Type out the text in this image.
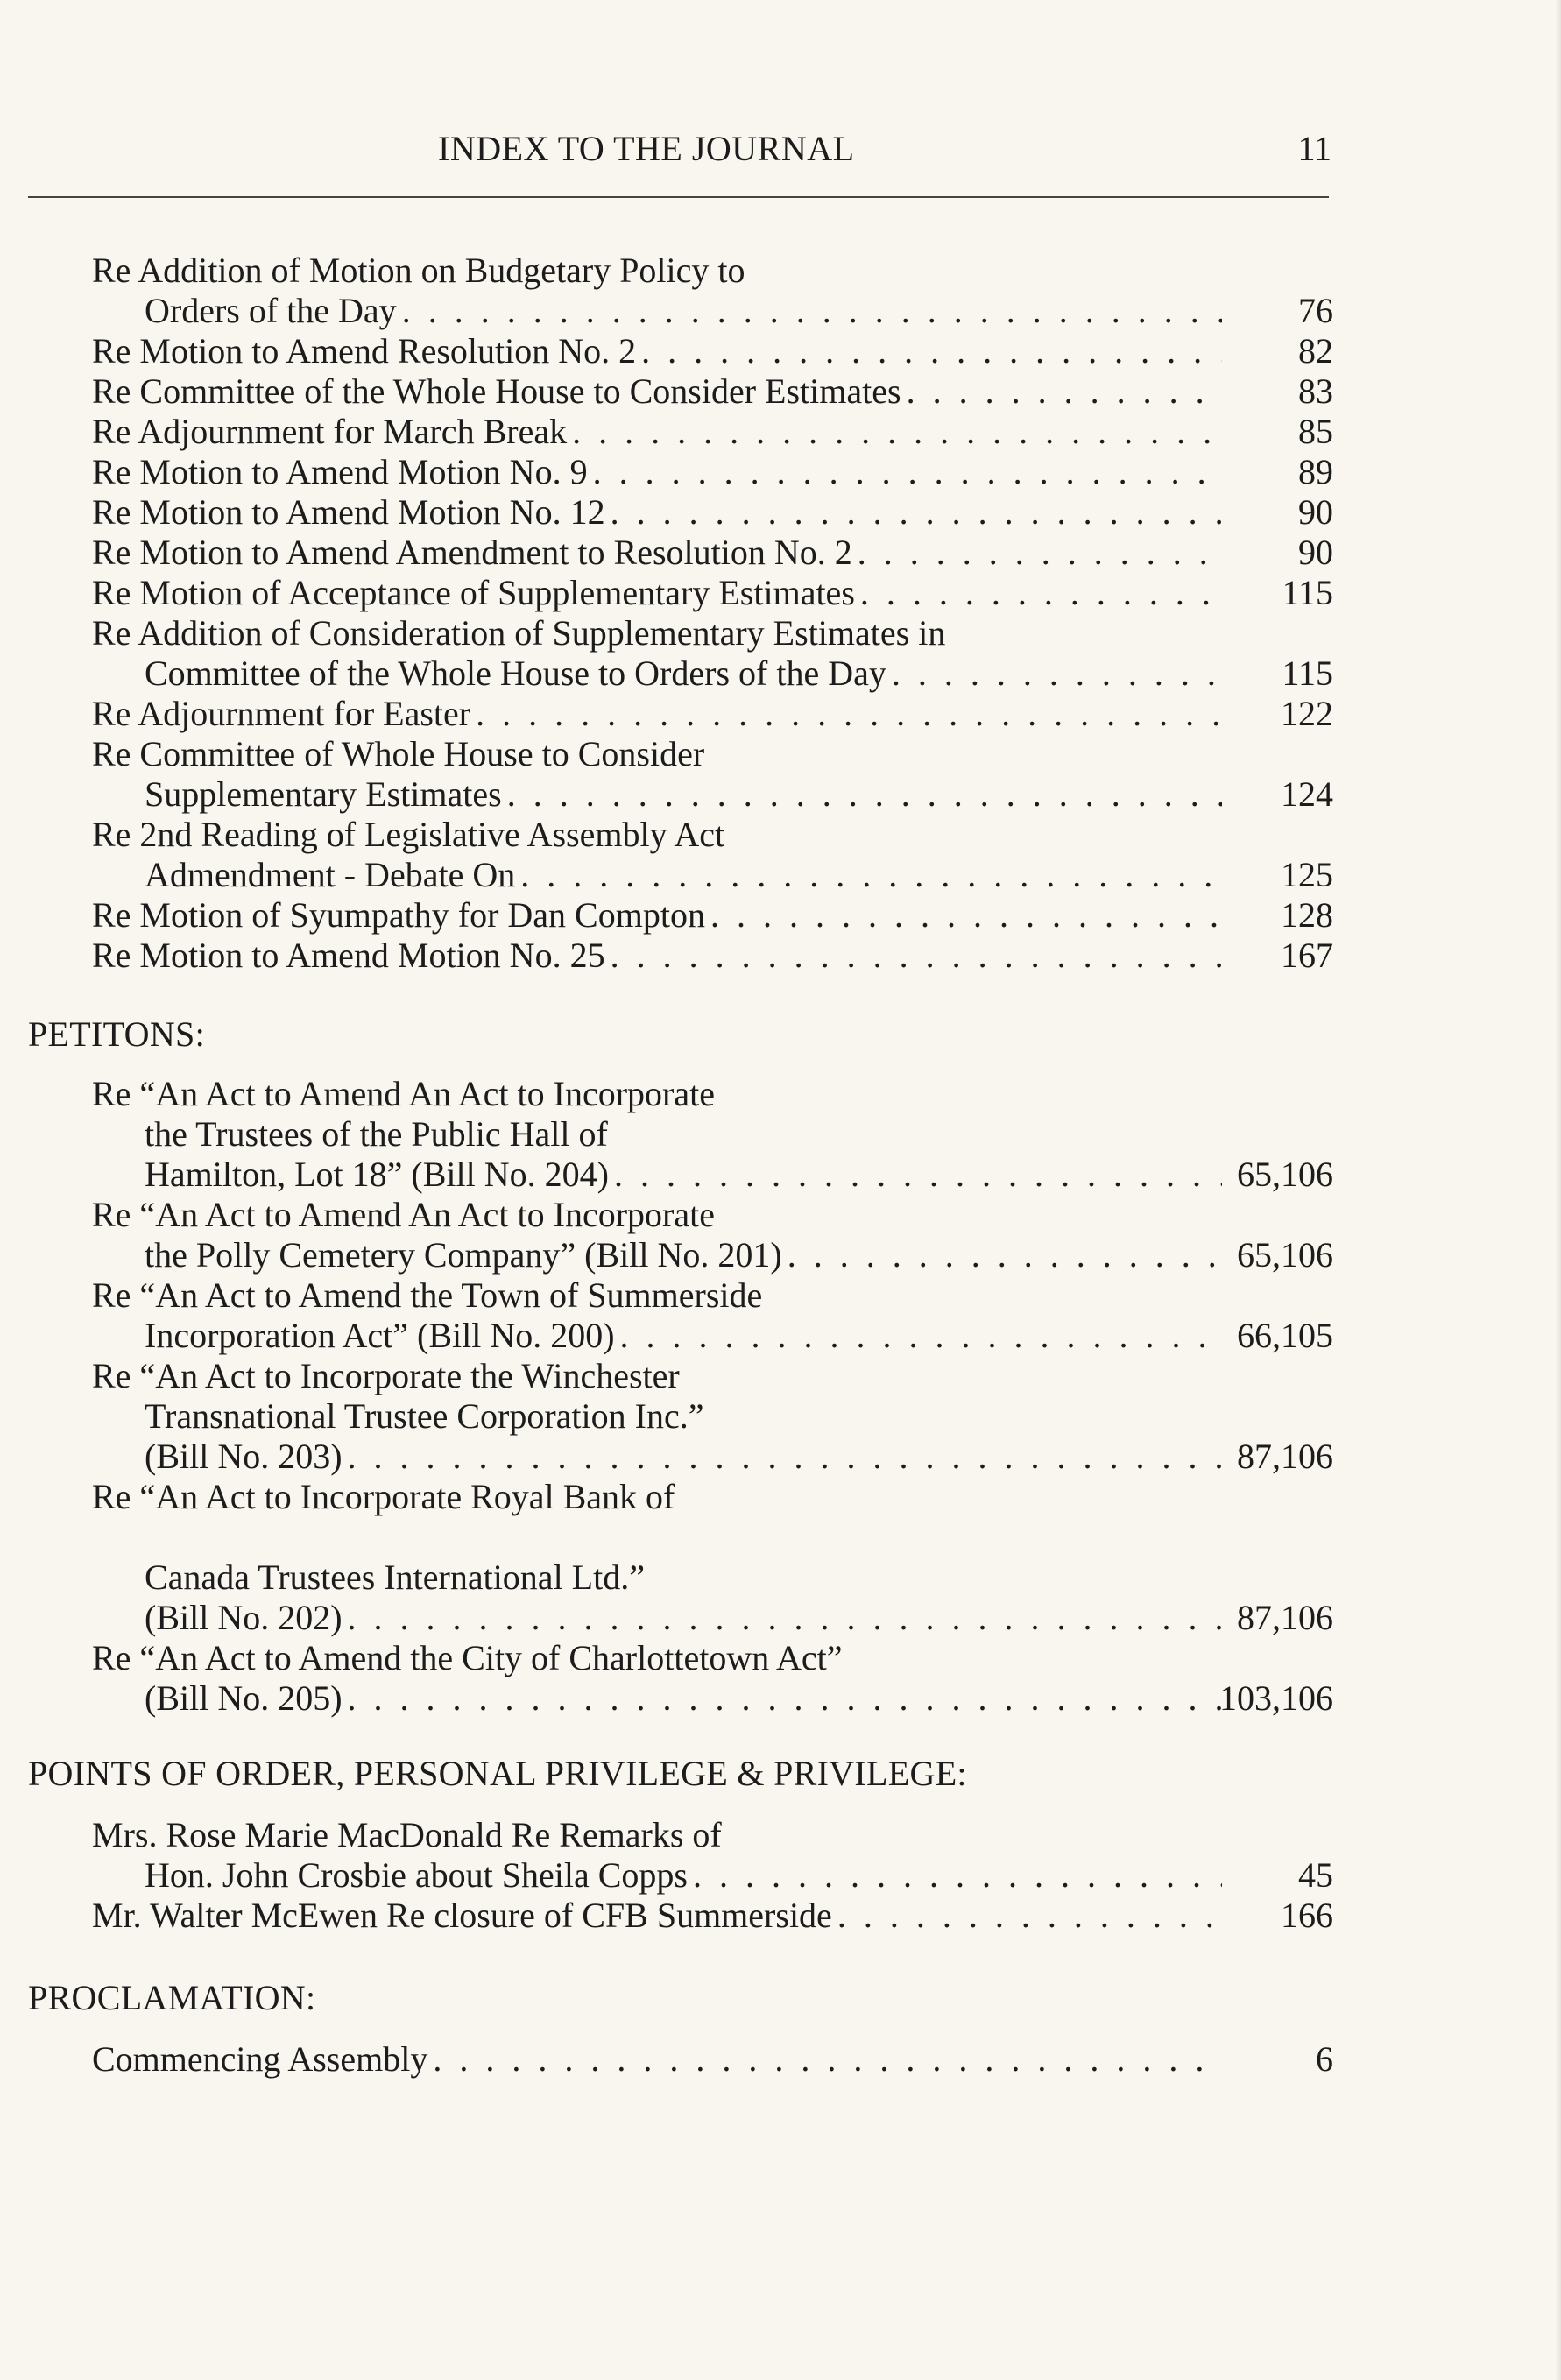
INDEX TO THE JOURNAL	11
Re Addition of Motion on Budgetary Policy to
Orders of the Day . . .	76
Re Motion to Amend Resolution No. 2 . . .	82
Re Committee of the Whole House to Consider Estimates . . .	83
Re Adjournment for March Break . . .	85
Re Motion to Amend Motion No. 9 . . .	89
Re Motion to Amend Motion No. 12 . . .	90
Re Motion to Amend Amendment to Resolution No. 2 . . .	90
Re Motion of Acceptance of Supplementary Estimates . . .	115
Re Addition of Consideration of Supplementary Estimates in
Committee of the Whole House to Orders of the Day . . .	115
Re Adjournment for Easter . . .	122
Re Committee of Whole House to Consider
Supplementary Estimates . . .	124
Re 2nd Reading of Legislative Assembly Act
Admendment - Debate On . . .	125
Re Motion of Syumpathy for Dan Compton . . .	128
Re Motion to Amend Motion No. 25 . . .	167
PETITONS:
Re “An Act to Amend An Act to Incorporate
the Trustees of the Public Hall of
Hamilton, Lot 18” (Bill No. 204) . . .	65,106
Re “An Act to Amend An Act to Incorporate
the Polly Cemetery Company” (Bill No. 201) . . .	65,106
Re “An Act to Amend the Town of Summerside
Incorporation Act” (Bill No. 200) . . .	66,105
Re “An Act to Incorporate the Winchester
Transnational Trustee Corporation Inc.”
(Bill No. 203) . . .	87,106
Re “An Act to Incorporate Royal Bank of
Canada Trustees International Ltd.”
(Bill No. 202) . . .	87,106
Re “An Act to Amend the City of Charlottetown Act”
(Bill No. 205) . . .	103,106
POINTS OF ORDER, PERSONAL PRIVILEGE & PRIVILEGE:
Mrs. Rose Marie MacDonald Re Remarks of
Hon. John Crosbie about Sheila Copps . . .	45
Mr. Walter McEwen Re closure of CFB Summerside . . .	166
PROCLAMATION:
Commencing Assembly . . .	6
